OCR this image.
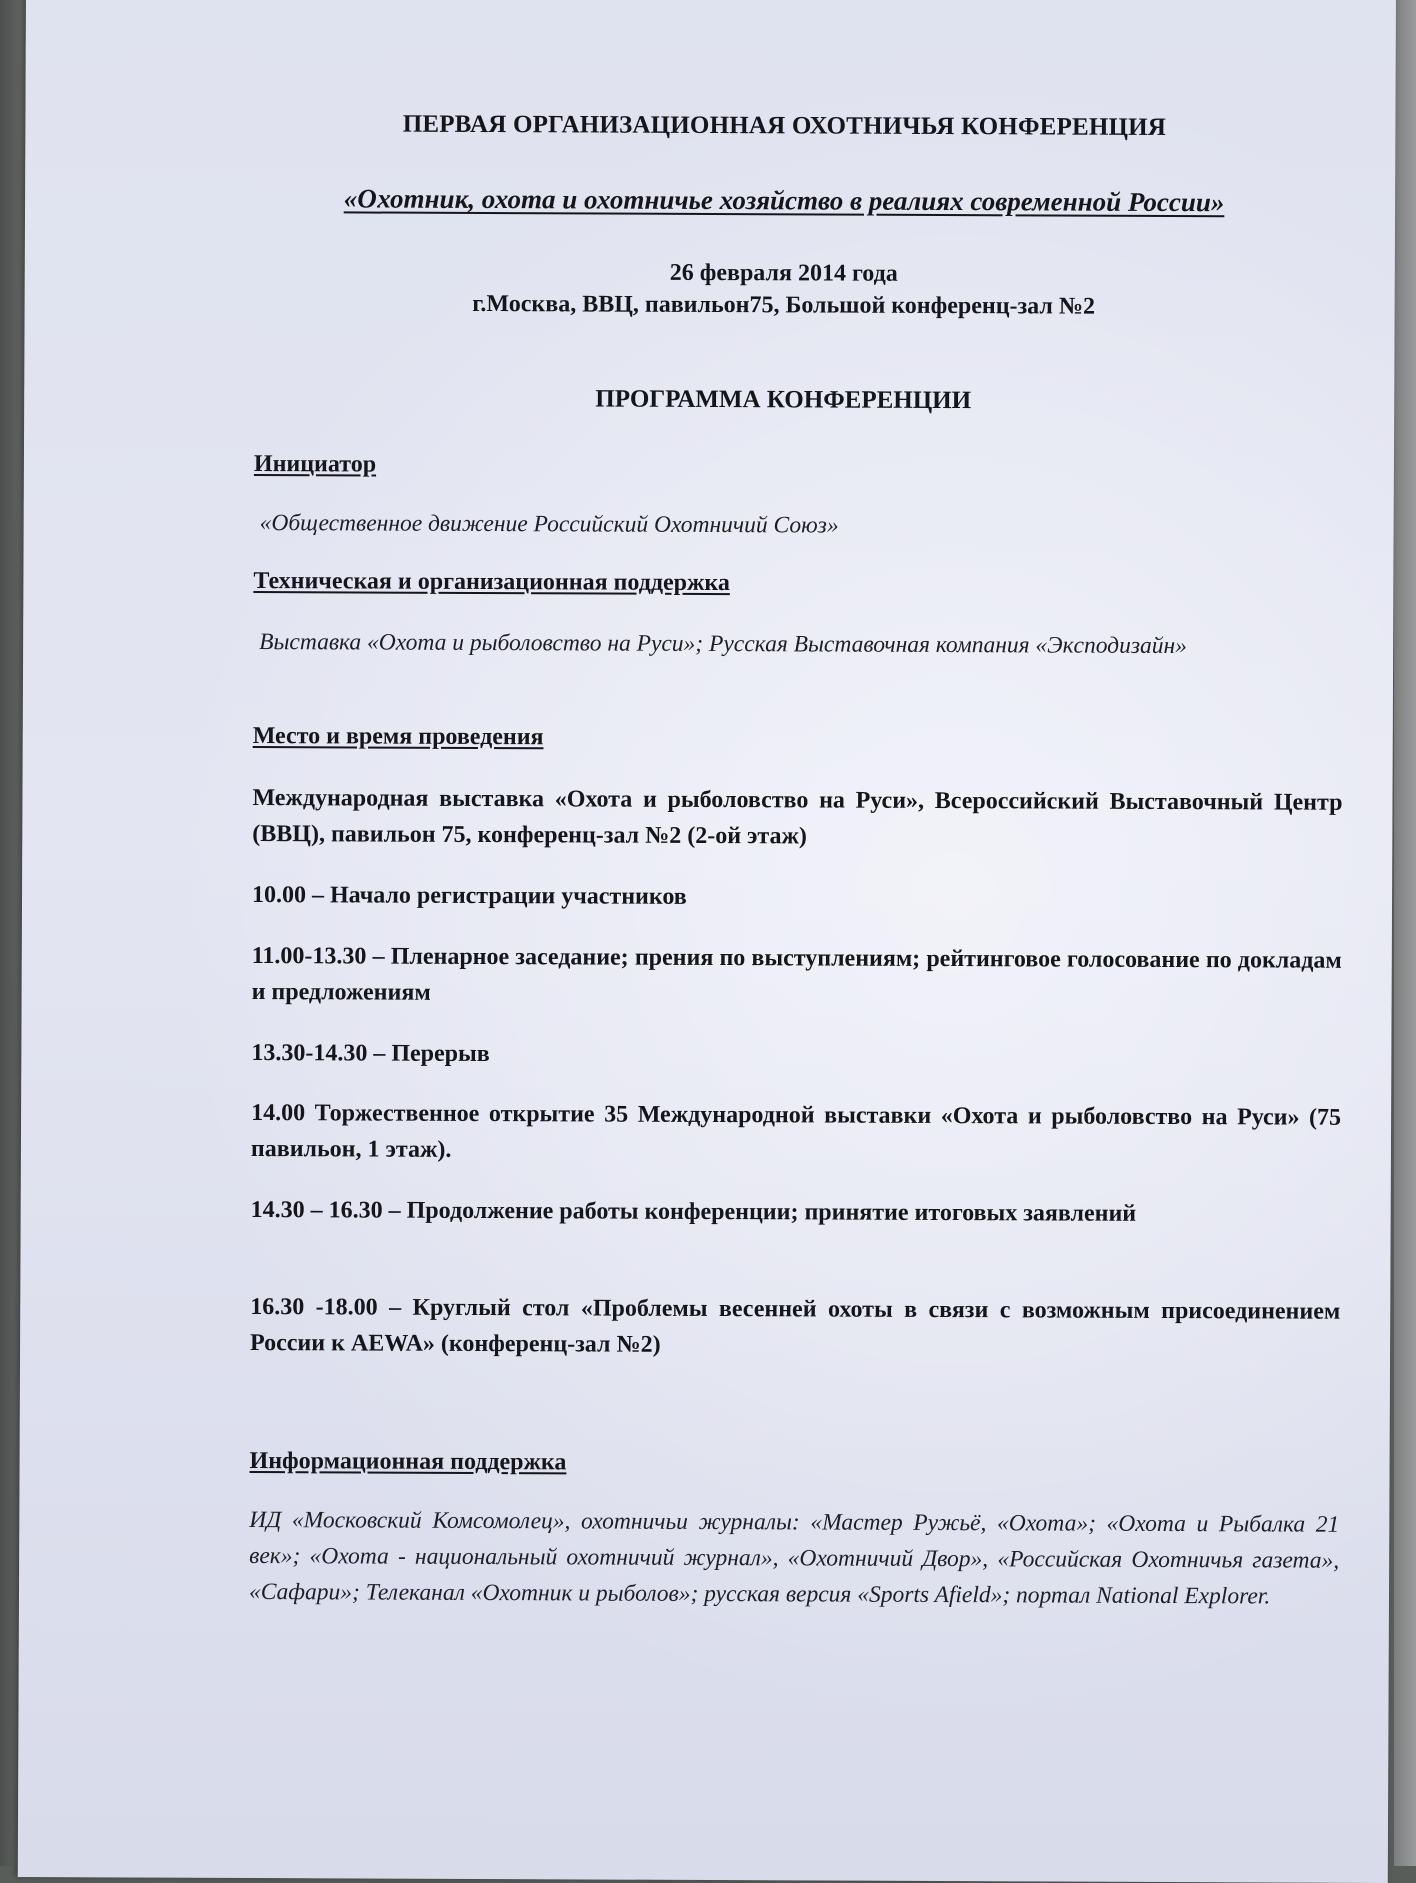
ПЕРВАЯ ОРГАНИЗАЦИОННАЯ ОХОТНИЧЬЯ КОНФЕРЕНЦИЯ
«Охотник, охота и охотничье хозяйство в реалиях современной России»
26 февраля 2014 года
г.Москва, ВВЦ, павильон75, Большой конференц-зал №2
ПРОГРАММА КОНФЕРЕНЦИИ
Инициатор
«Общественное движение Российский Охотничий Союз»
Техническая и организационная поддержка
Выставка «Охота и рыболовство на Руси»; Русская Выставочная компания «Экcподизайн»
Место и время проведения
Международная выставка «Охота и рыболовство на Руси», Всероссийский Выставочный Центр (ВВЦ), павильон 75, конференц-зал №2 (2-ой этаж)
10.00 – Начало регистрации участников
11.00-13.30 – Пленарное заседание; прения по выступлениям; рейтинговое голосование по докладам и предложениям
13.30-14.30 – Перерыв
14.00 Торжественное открытие 35 Международной выставки «Охота и рыболовство на Руси» (75 павильон, 1 этаж).
14.30 – 16.30 – Продолжение работы конференции; принятие итоговых заявлений
16.30 -18.00 – Круглый стол «Проблемы весенней охоты в связи с возможным присоединением России к AEWA» (конференц-зал №2)
Информационная поддержка
ИД «Московский Комсомолец», охотничьи журналы: «Мастер Ружьё, «Охота»; «Охота и Рыбалка 21 век»; «Охота - национальный охотничий журнал», «Охотничий Двор», «Российская Охотничья газета», «Сафари»; Телеканал «Охотник и рыболов»; русская версия «Sports Afield»; портал National Explorer.
